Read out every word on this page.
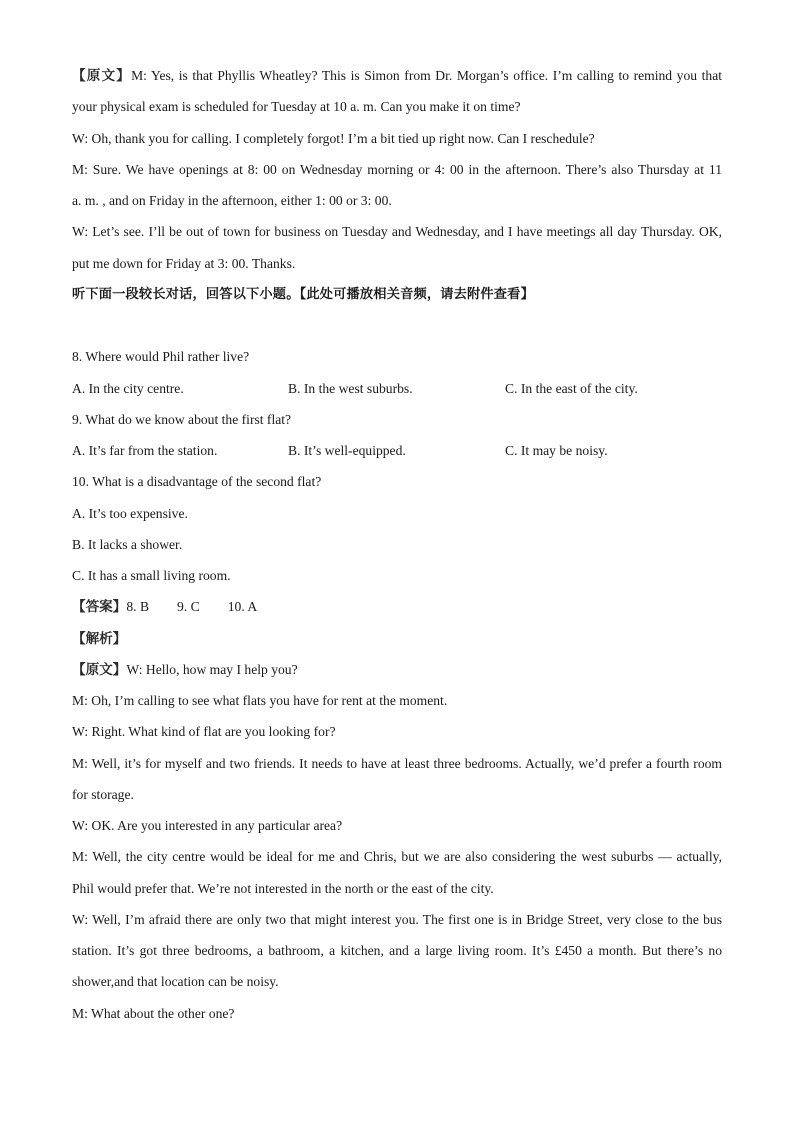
【原文】M: Yes, is that Phyllis Wheatley? This is Simon from Dr. Morgan’s office. I’m calling to remind you that
your physical exam is scheduled for Tuesday at 10 a. m. Can you make it on time?
W: Oh, thank you for calling. I completely forgot! I’m a bit tied up right now. Can I reschedule?
M: Sure. We have openings at 8: 00 on Wednesday morning or 4: 00 in the afternoon. There’s also Thursday at 11
a. m. , and on Friday in the afternoon, either 1: 00 or 3: 00.
W: Let’s see. I’ll be out of town for business on Tuesday and Wednesday, and I have meetings all day Thursday. OK,
put me down for Friday at 3: 00. Thanks.
听下面一段较长对话，回答以下小题。【此处可播放相关音频，请去附件查看】
8. Where would Phil rather live?
A. In the city centre.	B. In the west suburbs.	C. In the east of the city.
9. What do we know about the first flat?
A. It’s far from the station.	B. It’s well-equipped.	C. It may be noisy.
10. What is a disadvantage of the second flat?
A. It’s too expensive.
B. It lacks a shower.
C. It has a small living room.
【答案】8. B 9. C 10. A
【解析】
【原文】W: Hello, how may I help you?
M: Oh, I’m calling to see what flats you have for rent at the moment.
W: Right. What kind of flat are you looking for?
M: Well, it’s for myself and two friends. It needs to have at least three bedrooms. Actually, we’d prefer a fourth room
for storage.
W: OK. Are you interested in any particular area?
M: Well, the city centre would be ideal for me and Chris, but we are also considering the west suburbs — actually,
Phil would prefer that. We’re not interested in the north or the east of the city.
W: Well, I’m afraid there are only two that might interest you. The first one is in Bridge Street, very close to the bus
station. It’s got three bedrooms, a bathroom, a kitchen, and a large living room. It’s £450 a month. But there’s no
shower,and that location can be noisy.
M: What about the other one?
